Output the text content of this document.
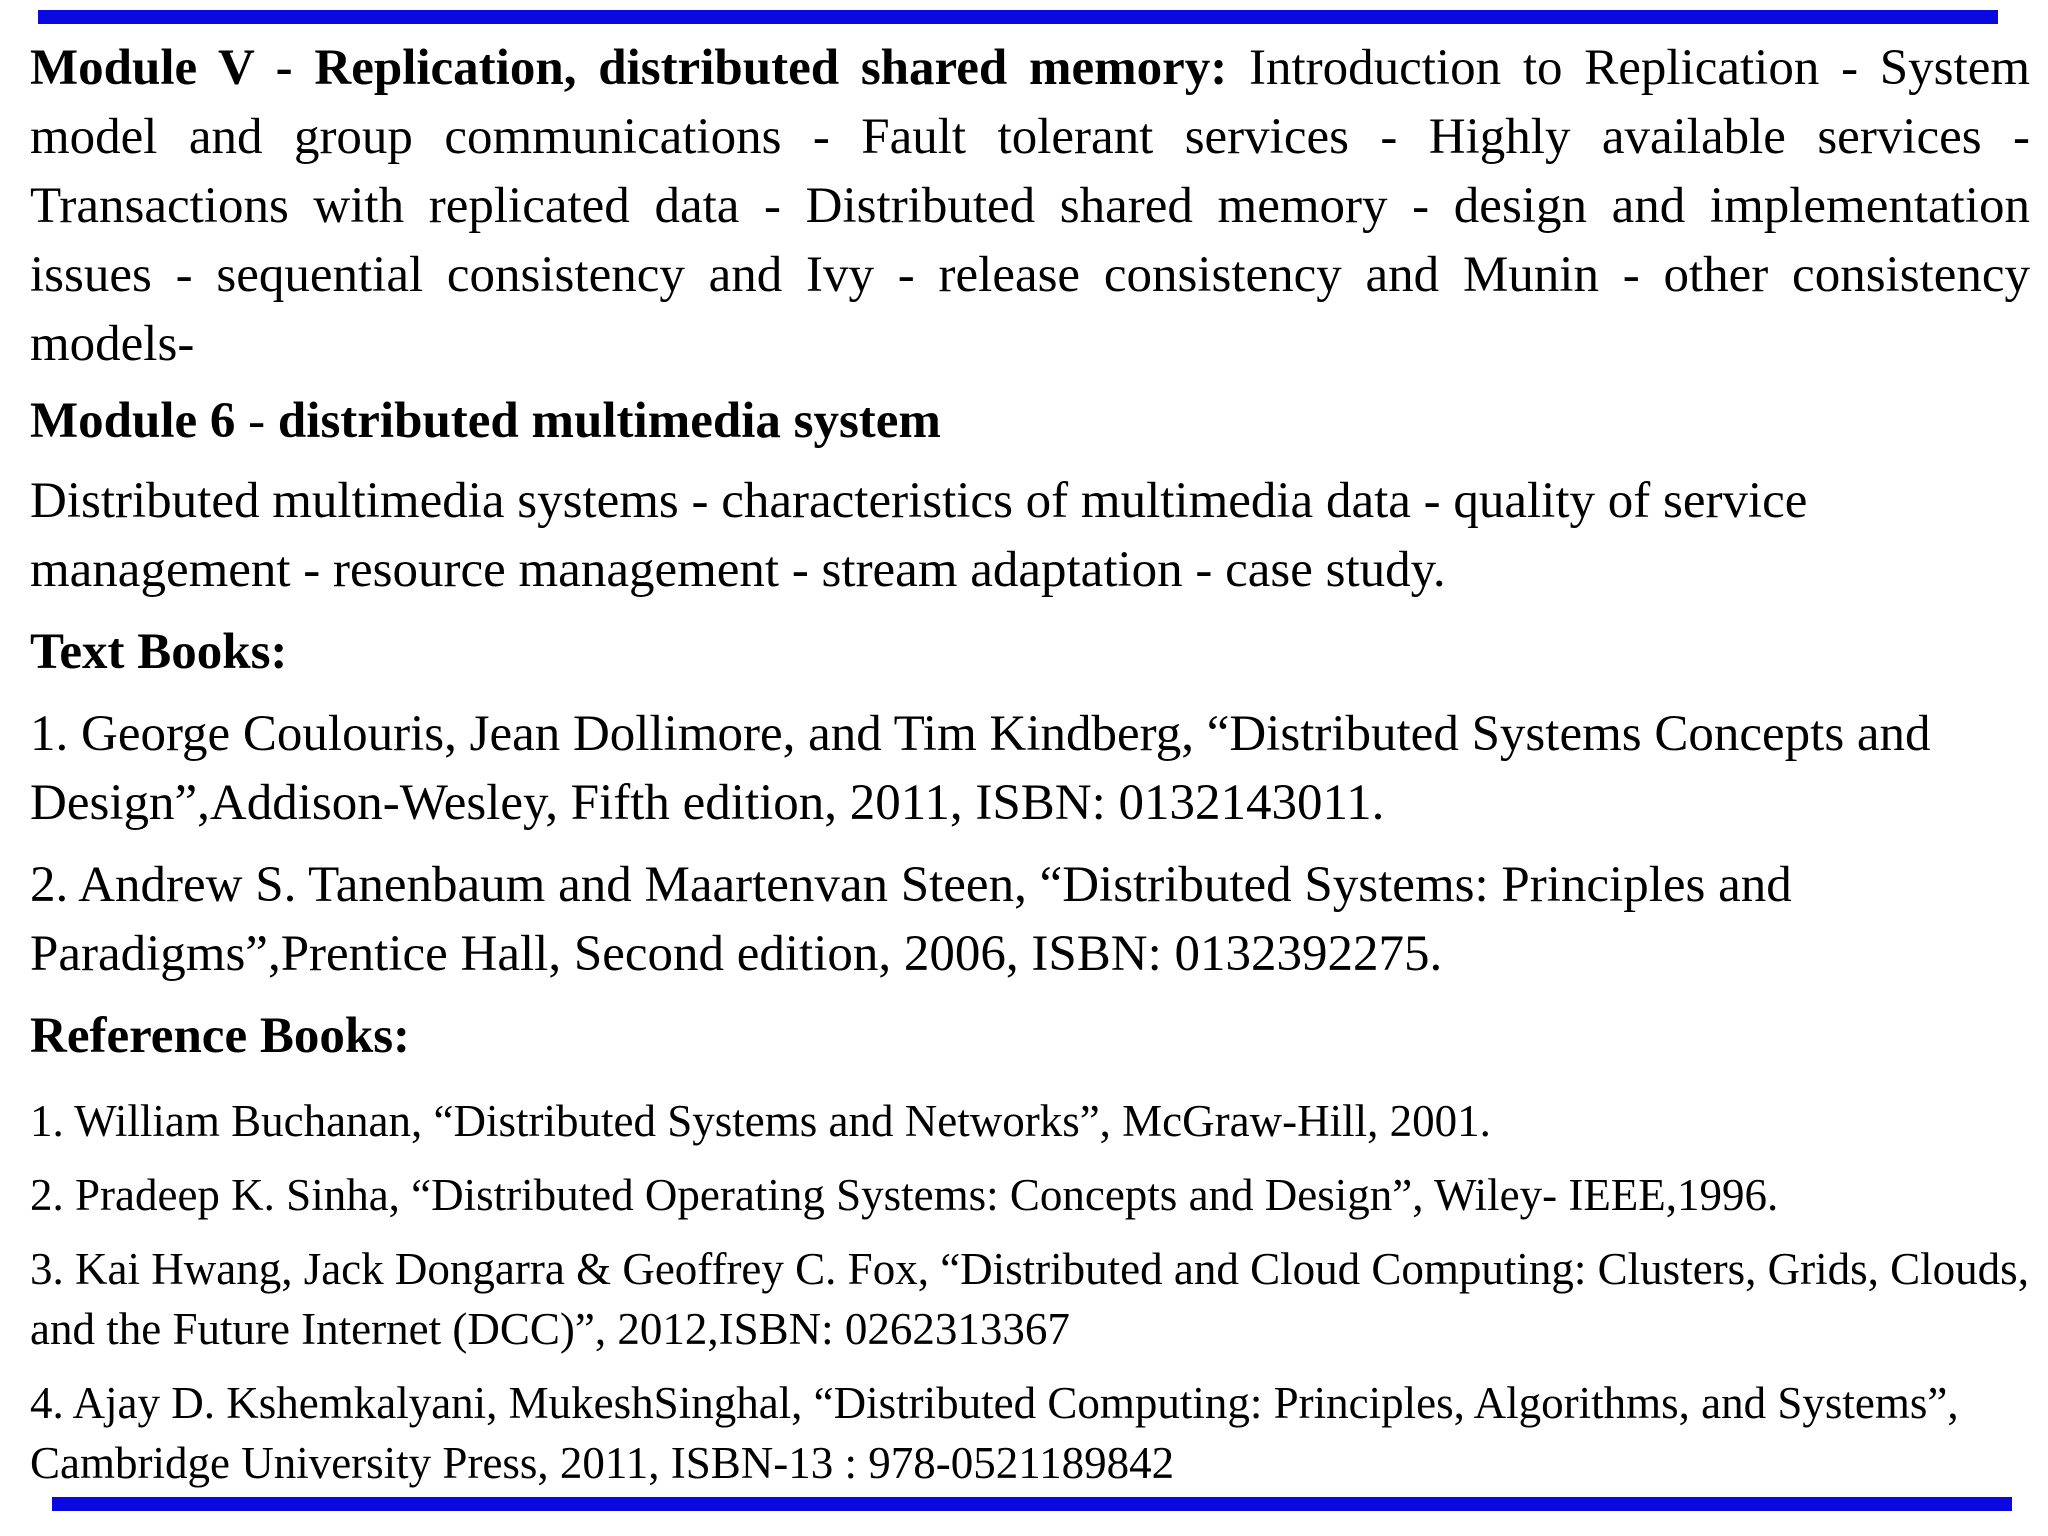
Module V - Replication, distributed shared memory: Introduction to Replication - System model and group communications - Fault tolerant services - Highly available services - Transactions with replicated data - Distributed shared memory - design and implementation issues - sequential consistency and Ivy - release consistency and Munin - other consistency models-

Module 6 - distributed multimedia system

Distributed multimedia systems - characteristics of multimedia data - quality of service management - resource management - stream adaptation - case study.

Text Books:

1. George Coulouris, Jean Dollimore, and Tim Kindberg, “Distributed Systems Concepts and Design”,Addison-Wesley, Fifth edition, 2011, ISBN: 0132143011.

2. Andrew S. Tanenbaum and Maartenvan Steen, “Distributed Systems: Principles and Paradigms”,Prentice Hall, Second edition, 2006, ISBN: 0132392275.

Reference Books:

1. William Buchanan, “Distributed Systems and Networks”, McGraw-Hill, 2001.

2. Pradeep K. Sinha, “Distributed Operating Systems: Concepts and Design”, Wiley- IEEE,1996.

3. Kai Hwang, Jack Dongarra & Geoffrey C. Fox, “Distributed and Cloud Computing: Clusters, Grids, Clouds, and the Future Internet (DCC)”, 2012,ISBN: 0262313367

4. Ajay D. Kshemkalyani, MukeshSinghal, “Distributed Computing: Principles, Algorithms, and Systems”, Cambridge University Press, 2011, ISBN-13 : 978-0521189842
